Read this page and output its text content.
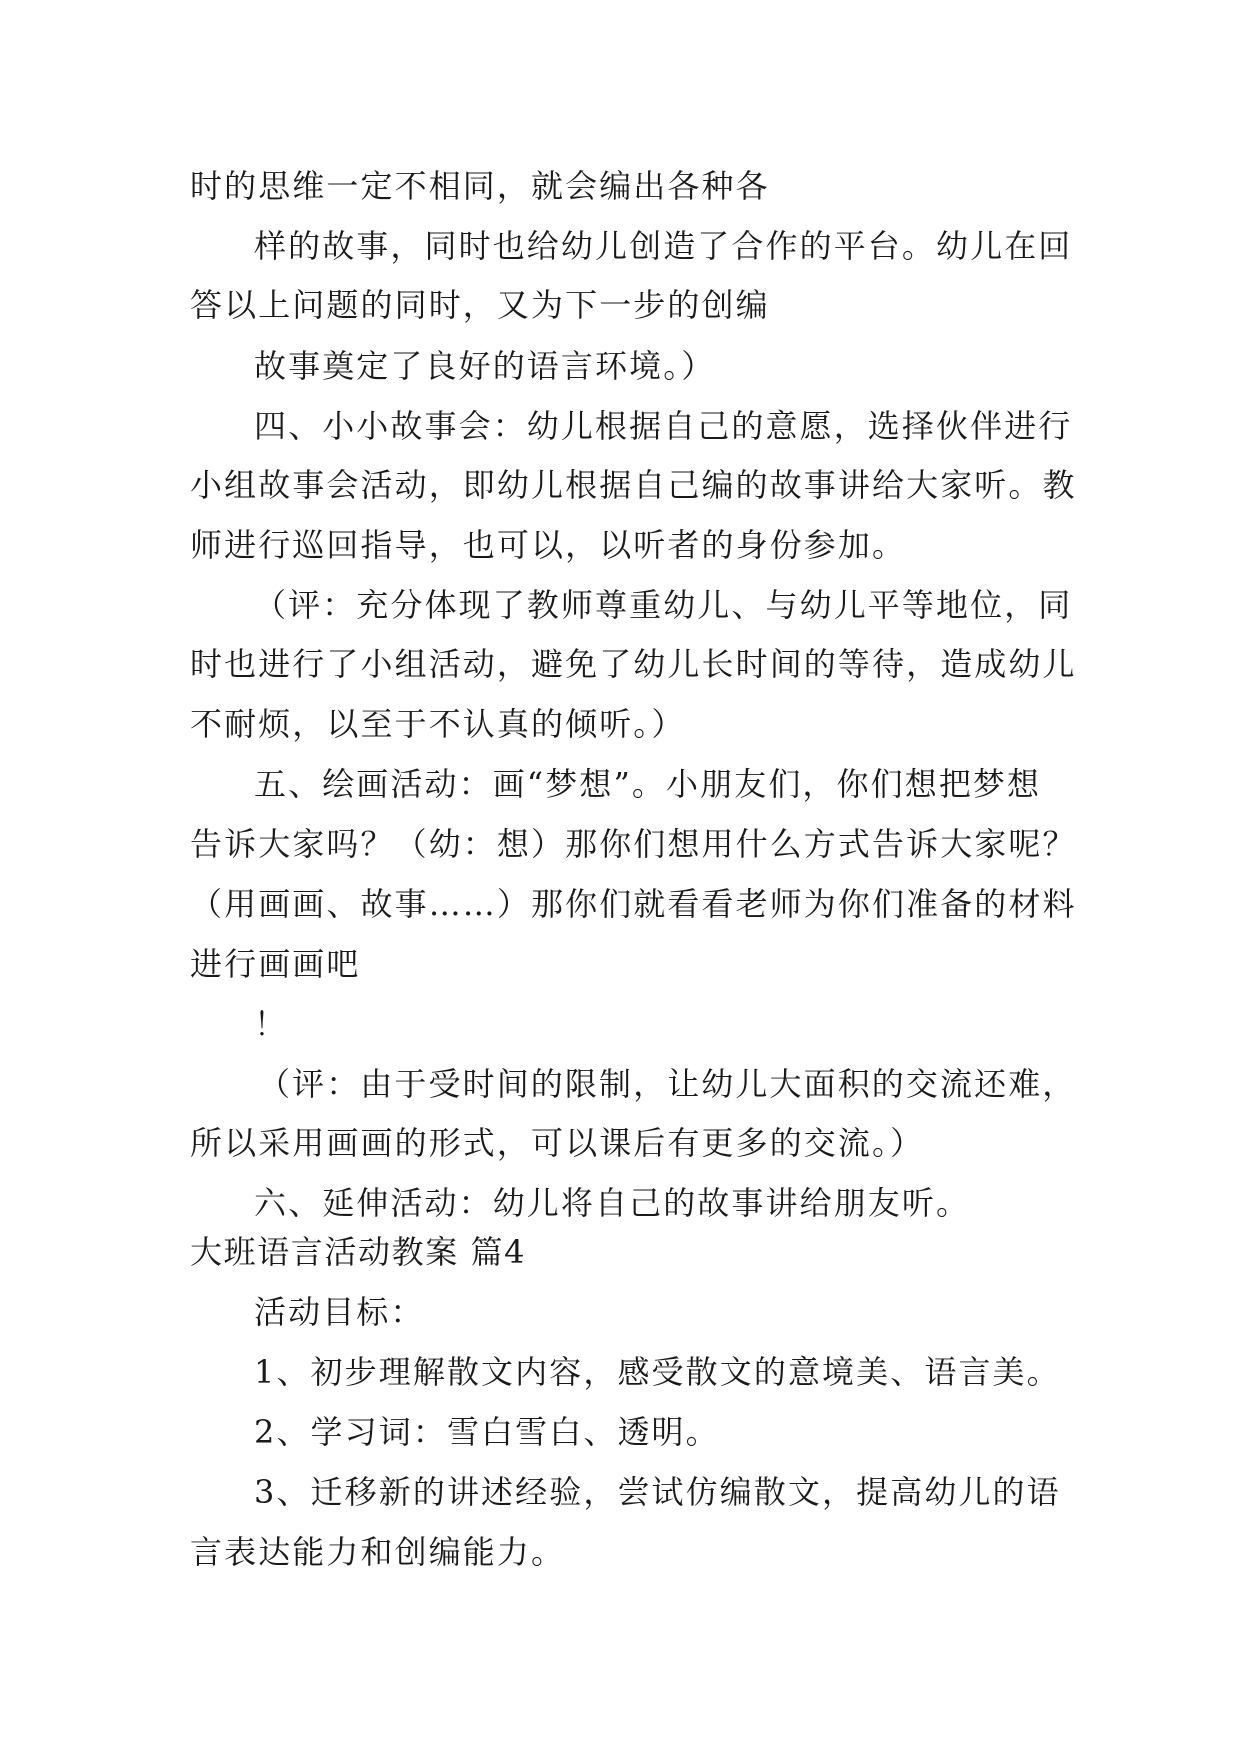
时的思维一定不相同，就会编出各种各
样的故事，同时也给幼儿创造了合作的平台。幼儿在回
答以上问题的同时，又为下一步的创编
故事奠定了良好的语言环境。）
四、小小故事会：幼儿根据自己的意愿，选择伙伴进行
小组故事会活动，即幼儿根据自己编的故事讲给大家听。教
师进行巡回指导，也可以，以听者的身份参加。
（评：充分体现了教师尊重幼儿、与幼儿平等地位，同
时也进行了小组活动，避免了幼儿长时间的等待，造成幼儿
不耐烦，以至于不认真的倾听。）
五、绘画活动：画“梦想”。小朋友们，你们想把梦想
告诉大家吗？（幼：想）那你们想用什么方式告诉大家呢？
（用画画、故事……）那你们就看看老师为你们准备的材料
进行画画吧
！
（评：由于受时间的限制，让幼儿大面积的交流还难，
所以采用画画的形式，可以课后有更多的交流。）
六、延伸活动：幼儿将自己的故事讲给朋友听。
大班语言活动教案 篇4
活动目标：
1、初步理解散文内容，感受散文的意境美、语言美。
2、学习词：雪白雪白、透明。
3、迁移新的讲述经验，尝试仿编散文，提高幼儿的语
言表达能力和创编能力。
